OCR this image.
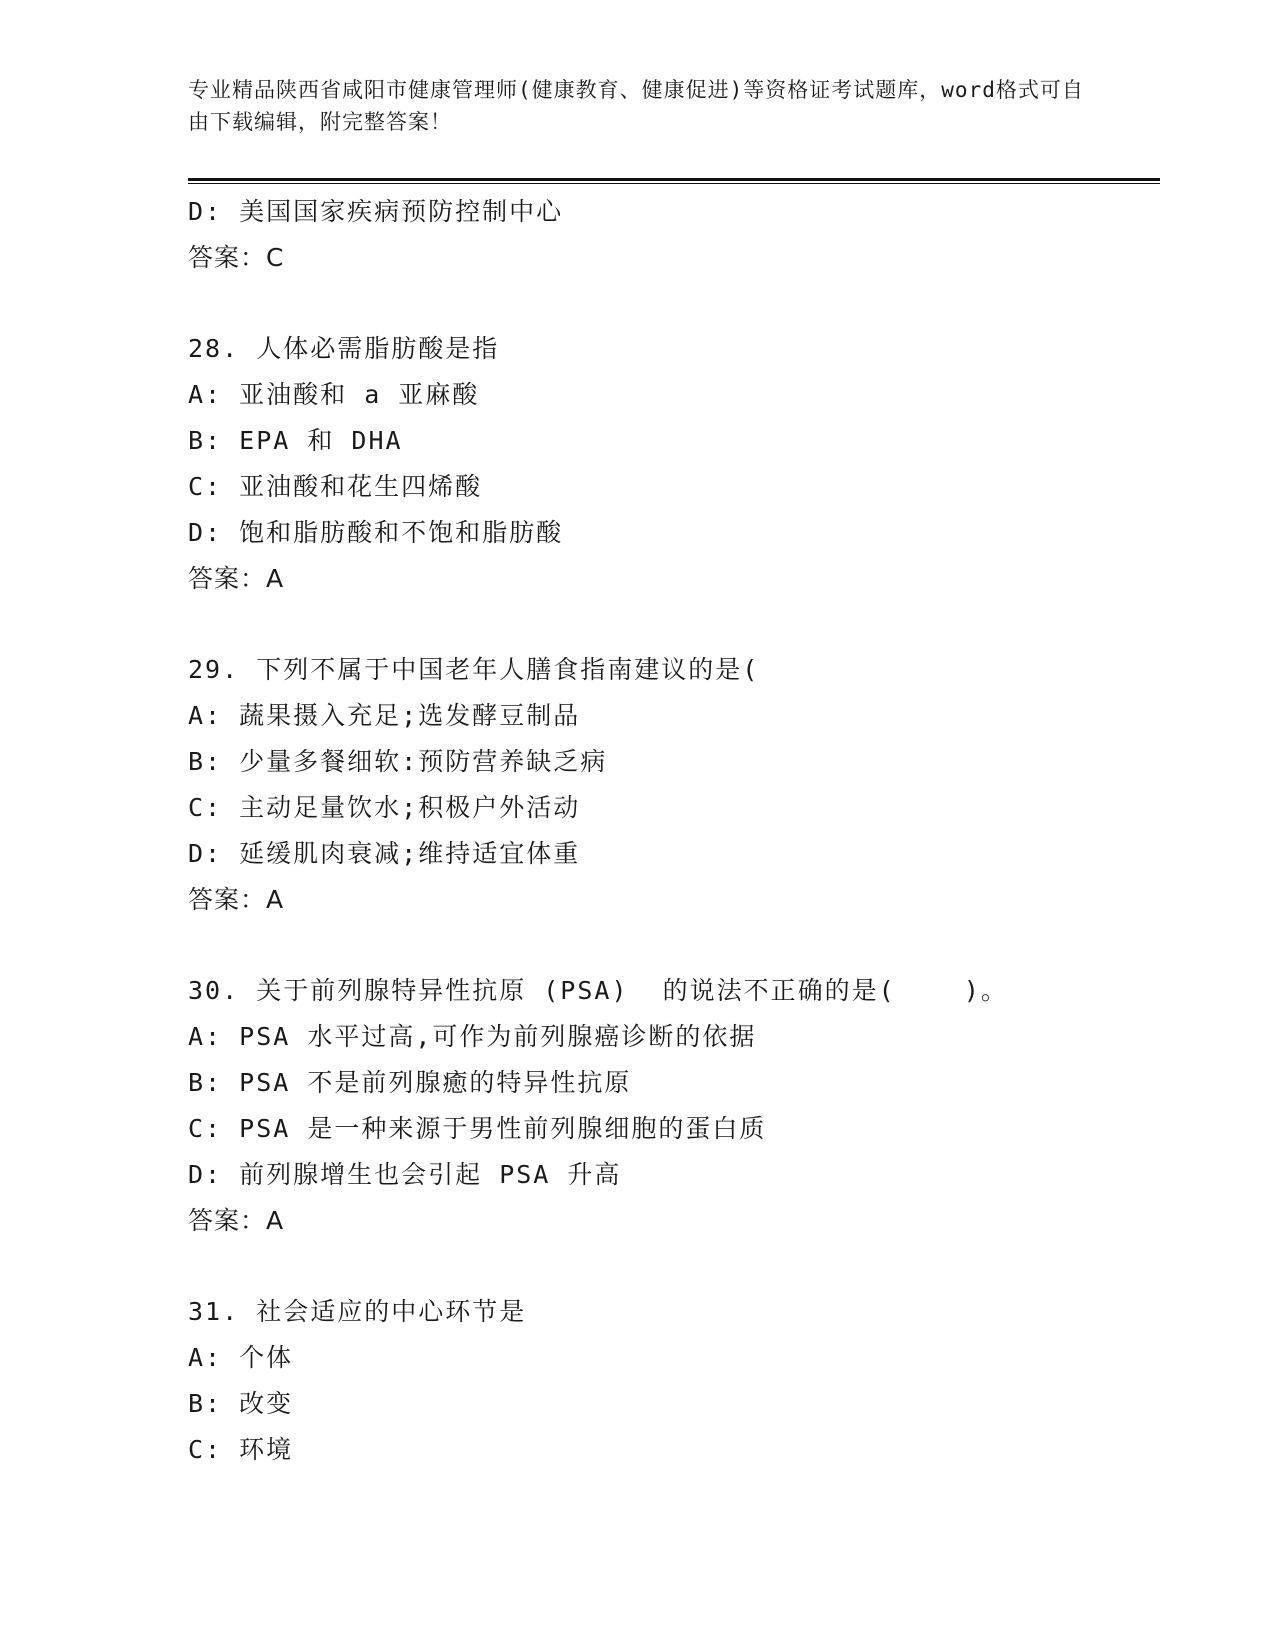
专业精品陕西省咸阳市健康管理师(健康教育、健康促进)等资格证考试题库，word格式可自由下载编辑，附完整答案！
D: 美国国家疾病预防控制中心
答案：C
28. 人体必需脂肪酸是指
A: 亚油酸和 a 亚麻酸
B: EPA 和 DHA
C: 亚油酸和花生四烯酸
D: 饱和脂肪酸和不饱和脂肪酸
答案：A
29. 下列不属于中国老年人膳食指南建议的是(
A: 蔬果摄入充足;选发酵豆制品
B: 少量多餐细软:预防营养缺乏病
C: 主动足量饮水;积极户外活动
D: 延缓肌肉衰减;维持适宜体重
答案：A
30. 关于前列腺特异性抗原 (PSA)  的说法不正确的是(    )。
A: PSA 水平过高,可作为前列腺癌诊断的依据
B: PSA 不是前列腺癒的特异性抗原
C: PSA 是一种来源于男性前列腺细胞的蛋白质
D: 前列腺增生也会引起 PSA 升高
答案：A
31. 社会适应的中心环节是
A: 个体
B: 改变
C: 环境
